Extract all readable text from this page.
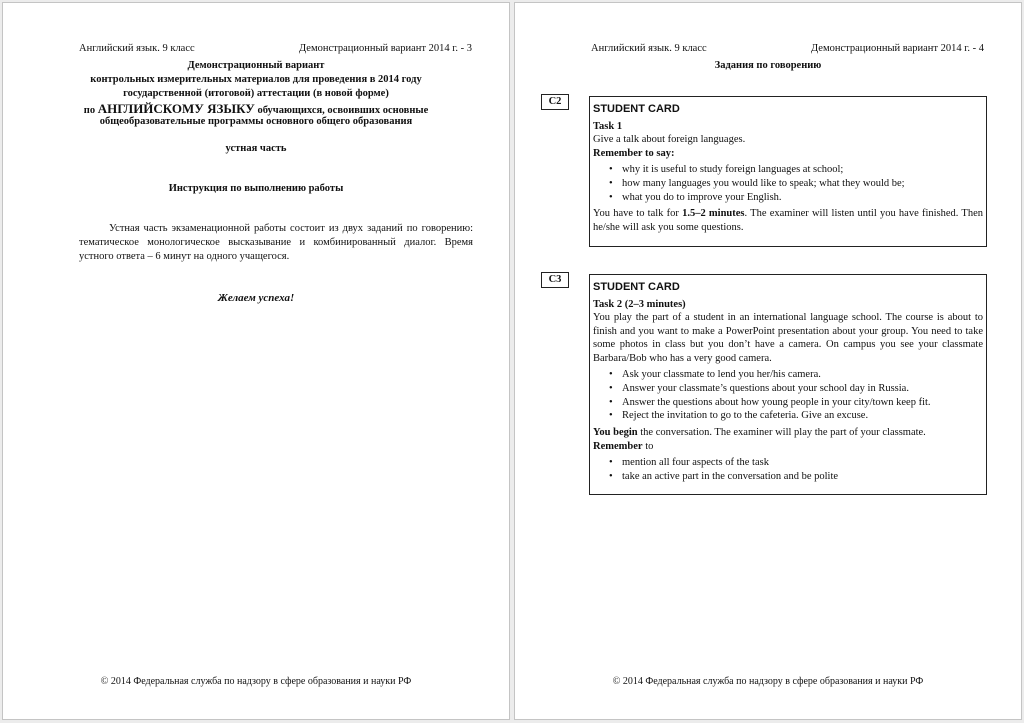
Английский язык. 9 класс	Демонстрационный вариант 2014 г. - 3
Демонстрационный вариант
контрольных измерительных материалов для проведения в 2014 году
государственной (итоговой) аттестации (в новой форме)
по АНГЛИЙСКОМУ ЯЗЫКУ обучающихся, освоивших основные
общеобразовательные программы основного общего образования
устная часть
Инструкция по выполнению работы

Устная часть экзаменационной работы состоит из двух заданий по говорению: тематическое монологическое высказывание и комбинированный диалог. Время устного ответа – 6 минут на одного учащегося.

Желаем успеха!
© 2014 Федеральная служба по надзору в сфере образования и науки РФ
Английский язык. 9 класс	Демонстрационный вариант 2014 г. - 4
Задания по говорению
C2

STUDENT CARD

Task 1

Give a talk about foreign languages.

Remember to say:

• why it is useful to study foreign languages at school;
• how many languages you would like to speak; what they would be;
• what you do to improve your English.

You have to talk for 1.5–2 minutes. The examiner will listen until you have finished. Then he/she will ask you some questions.

C3

STUDENT CARD

Task 2 (2–3 minutes)

You play the part of a student in an international language school. The course is about to finish and you want to make a PowerPoint presentation about your group. You need to take some photos in class but you don’t have a camera. On campus you see your classmate Barbara/Bob who has a very good camera.

• Ask your classmate to lend you her/his camera.
• Answer your classmate’s questions about your school day in Russia.
• Answer the questions about how young people in your city/town keep fit.
• Reject the invitation to go to the cafeteria. Give an excuse.

You begin the conversation. The examiner will play the part of your classmate.

Remember to

• mention all four aspects of the task
• take an active part in the conversation and be polite
© 2014 Федеральная служба по надзору в сфере образования и науки РФ
